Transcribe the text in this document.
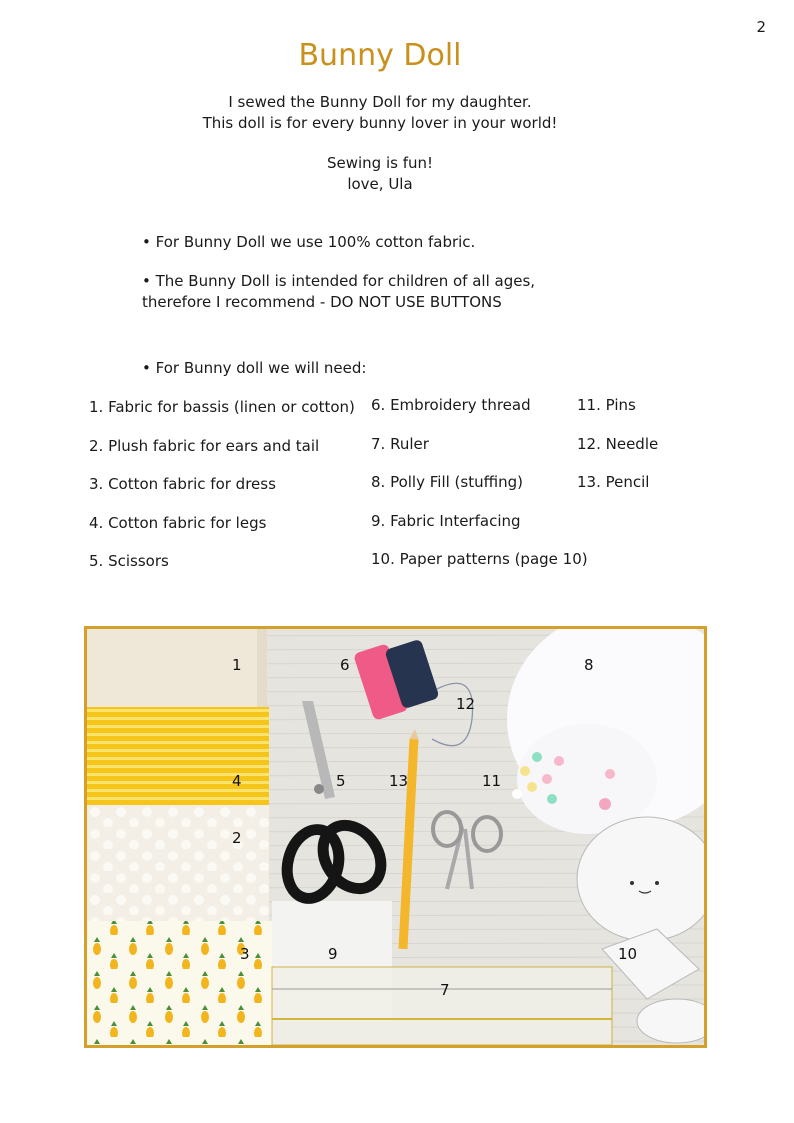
2
Bunny Doll
I sewed the Bunny Doll for my daughter.
This doll is for every bunny lover in your world!
Sewing is fun!
love, Ula
• For Bunny Doll we use 100% cotton fabric.
• The Bunny Doll is intended for children of all ages,
therefore I recommend - DO NOT USE BUTTONS
• For Bunny doll we will need:
1. Fabric for bassis (linen or cotton)
2. Plush fabric for ears and tail
3. Cotton fabric for dress
4. Cotton fabric for legs
5. Scissors
6. Embroidery thread
7. Ruler
8. Polly Fill (stuffing)
9. Fabric Interfacing
10. Paper patterns (page 10)
11. Pins
12. Needle
13. Pencil
1	6	8
12
4	5	13	11
2
3	9	10
7
